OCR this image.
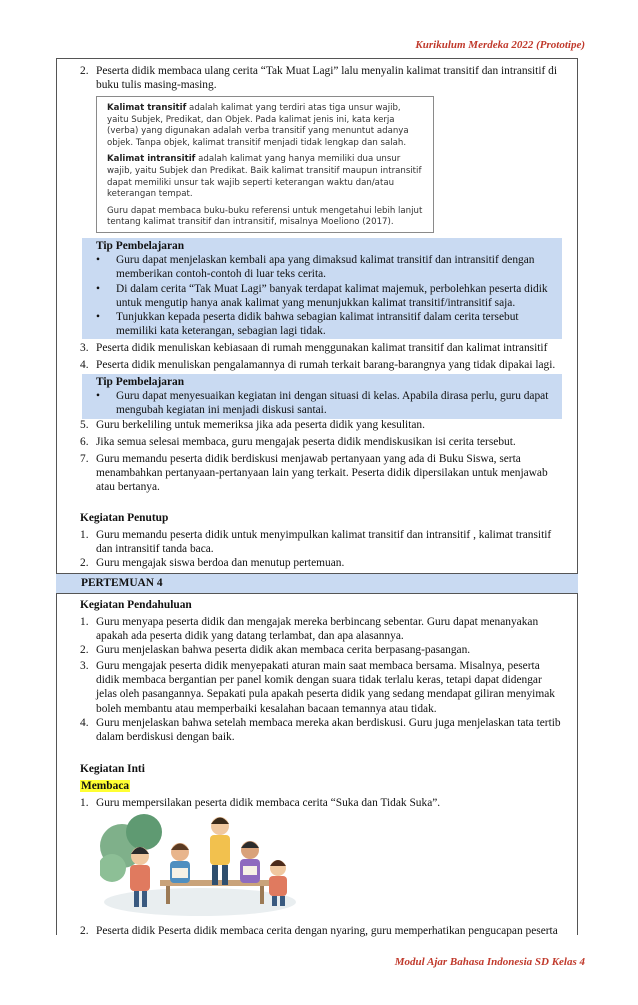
Kurikulum Merdeka 2022 (Prototipe)
2. Peserta didik membaca ulang cerita “Tak Muat Lagi” lalu menyalin kalimat transitif dan intransitif di buku tulis masing-masing.

Kalimat transitif adalah kalimat yang terdiri atas tiga unsur wajib, yaitu Subjek, Predikat, dan Objek. Pada kalimat jenis ini, kata kerja (verba) yang digunakan adalah verba transitif yang menuntut adanya objek. Tanpa objek, kalimat transitif menjadi tidak lengkap dan salah.

Kalimat intransitif adalah kalimat yang hanya memiliki dua unsur wajib, yaitu Subjek dan Predikat. Baik kalimat transitif maupun intransitif dapat memiliki unsur tak wajib seperti keterangan waktu dan/atau keterangan tempat.

Guru dapat membaca buku-buku referensi untuk mengetahui lebih lanjut tentang kalimat transitif dan intransitif, misalnya Moeliono (2017).

Tip Pembelajaran
• Guru dapat menjelaskan kembali apa yang dimaksud kalimat transitif dan intransitif dengan memberikan contoh-contoh di luar teks cerita.
• Di dalam cerita “Tak Muat Lagi” banyak terdapat kalimat majemuk, perbolehkan peserta didik untuk mengutip hanya anak kalimat yang menunjukkan kalimat transitif/intransitif saja.
• Tunjukkan kepada peserta didik bahwa sebagian kalimat intransitif dalam cerita tersebut memiliki kata keterangan, sebagian lagi tidak.
3. Peserta didik menuliskan kebiasaan di rumah menggunakan kalimat transitif dan kalimat intransitif
4. Peserta didik menuliskan pengalamannya di rumah terkait barang-barangnya yang tidak dipakai lagi.
Tip Pembelajaran
• Guru dapat menyesuaikan kegiatan ini dengan situasi di kelas. Apabila dirasa perlu, guru dapat mengubah kegiatan ini menjadi diskusi santai.
5. Guru berkeliling untuk memeriksa jika ada peserta didik yang kesulitan.
6. Jika semua selesai membaca, guru mengajak peserta didik mendiskusikan isi cerita tersebut.
7. Guru memandu peserta didik berdiskusi menjawab pertanyaan yang ada di Buku Siswa, serta menambahkan pertanyaan-pertanyaan lain yang terkait. Peserta didik dipersilakan untuk menjawab atau bertanya.
Kegiatan Penutup
1. Guru memandu peserta didik untuk menyimpulkan kalimat transitif dan intransitif , kalimat transitif dan intransitif tanda baca.
2. Guru mengajak siswa berdoa dan menutup pertemuan.
PERTEMUAN 4
Kegiatan Pendahuluan
1. Guru menyapa peserta didik dan mengajak mereka berbincang sebentar. Guru dapat menanyakan apakah ada peserta didik yang datang terlambat, dan apa alasannya.
2. Guru menjelaskan bahwa peserta didik akan membaca cerita berpasang-pasangan.
3. Guru mengajak peserta didik menyepakati aturan main saat membaca bersama. Misalnya, peserta didik membaca bergantian per panel komik dengan suara tidak terlalu keras, tetapi dapat didengar jelas oleh pasangannya. Sepakati pula apakah peserta didik yang sedang mendapat giliran menyimak boleh membantu atau memperbaiki kesalahan bacaan temannya atau tidak.
4. Guru menjelaskan bahwa setelah membaca mereka akan berdiskusi. Guru juga menjelaskan tata tertib dalam berdiskusi dengan baik.
Kegiatan Inti
Membaca
1. Guru mempersilakan peserta didik membaca cerita “Suka dan Tidak Suka”.
2. Peserta didik Peserta didik membaca cerita dengan nyaring, guru memperhatikan pengucapan peserta
Modul Ajar Bahasa Indonesia SD Kelas 4
